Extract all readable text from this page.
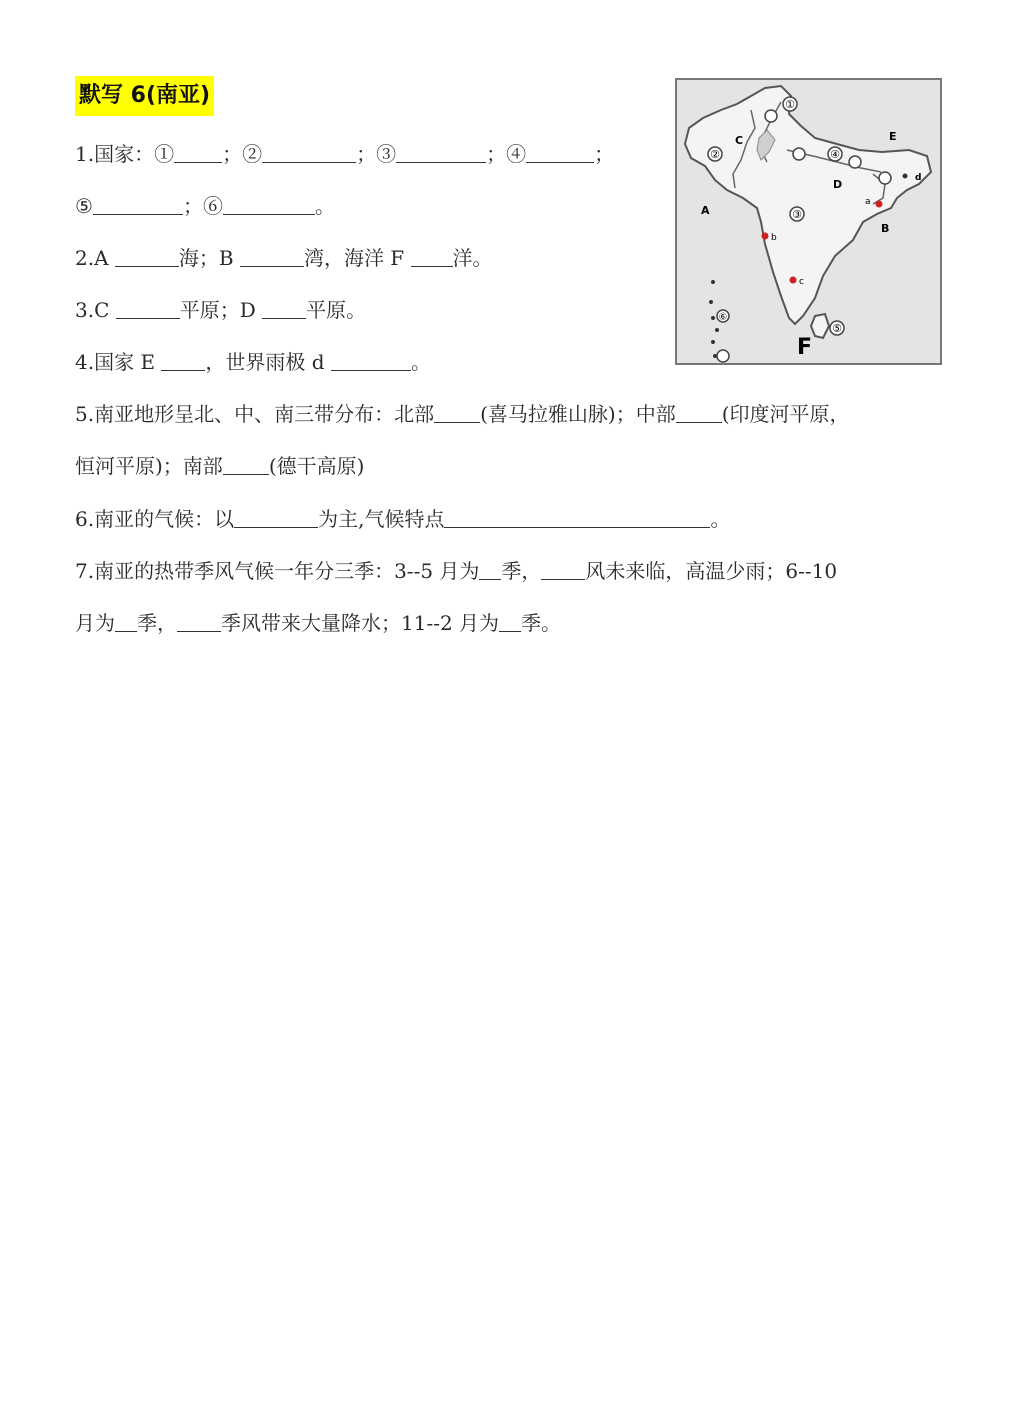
默写 6(南亚)
1.国家：① ；②	；③	；④	；
⑤	；⑥	。
2.A	海；B	湾，海洋 F 洋。
3.C	平原；D 平原。
4.国家 E ，世界雨极 d	。
5.南亚地形呈北、中、南三带分布：北部 (喜马拉雅山脉)；中部 (印度河平原，
恒河平原)；南部 (德干高原)
6.南亚的气候：以	为主,气候特点	。
7.南亚的热带季风气候一年分三季：3--5 月为 季， 风未来临，高温少雨；6--10
月为 季， 季风带来大量降水；11--2 月为 季。
①
②
③
④
⑤
⑥
A
B
C
D
E
F
a
b
c
d
